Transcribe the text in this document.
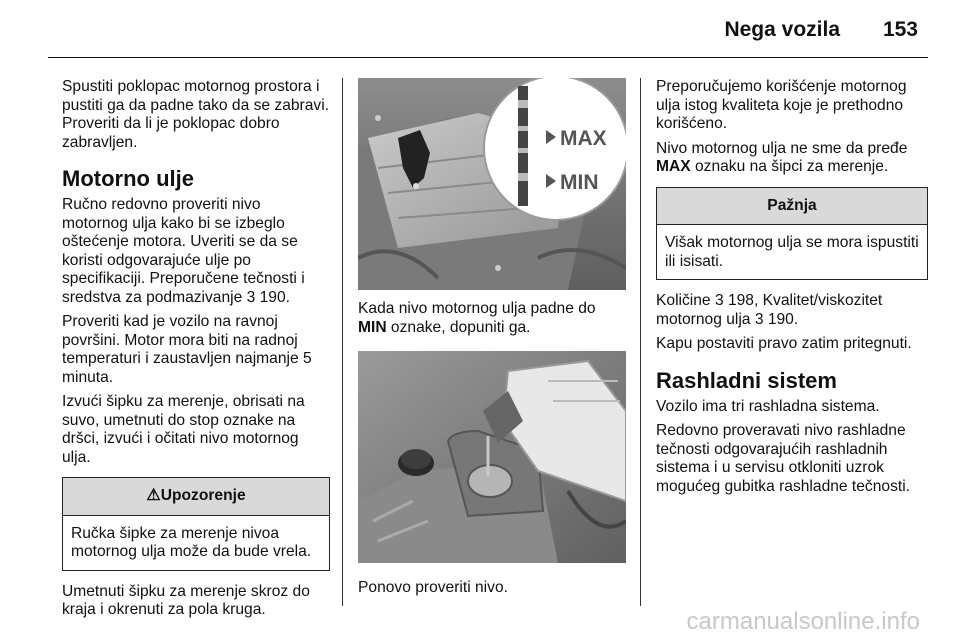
Nega vozila 153

Spustiti poklopac motornog prostora i pustiti ga da padne tako da se zabravi. Proveriti da li je poklopac dobro zabravljen.

Motorno ulje

Ručno redovno proveriti nivo motornog ulja kako bi se izbeglo oštećenje motora. Uveriti se da se koristi odgovarajuće ulje po specifikaciji. Preporučene tečnosti i sredstva za podmazivanje 3 190.

Proveriti kad je vozilo na ravnoj površini. Motor mora biti na radnoj temperaturi i zaustavljen najmanje 5 minuta.

Izvući šipku za merenje, obrisati na suvo, umetnuti do stop oznake na dršci, izvući i očitati nivo motornog ulja.

⚠Upozorenje
Ručka šipke za merenje nivoa motornog ulja može da bude vrela.

Umetnuti šipku za merenje skroz do kraja i okrenuti za pola kruga.

MAX
MIN

Kada nivo motornog ulja padne do MIN oznake, dopuniti ga.

Ponovo proveriti nivo.

Preporučujemo korišćenje motornog ulja istog kvaliteta koje je prethodno korišćeno.

Nivo motornog ulja ne sme da pređe MAX oznaku na šipci za merenje.

Pažnja
Višak motornog ulja se mora ispustiti ili isisati.

Količine 3 198, Kvalitet/viskozitet motornog ulja 3 190.

Kapu postaviti pravo zatim pritegnuti.

Rashladni sistem

Vozilo ima tri rashladna sistema.

Redovno proveravati nivo rashladne tečnosti odgovarajućih rashladnih sistema i u servisu otkloniti uzrok mogućeg gubitka rashladne tečnosti.

carmanualsonline.info
